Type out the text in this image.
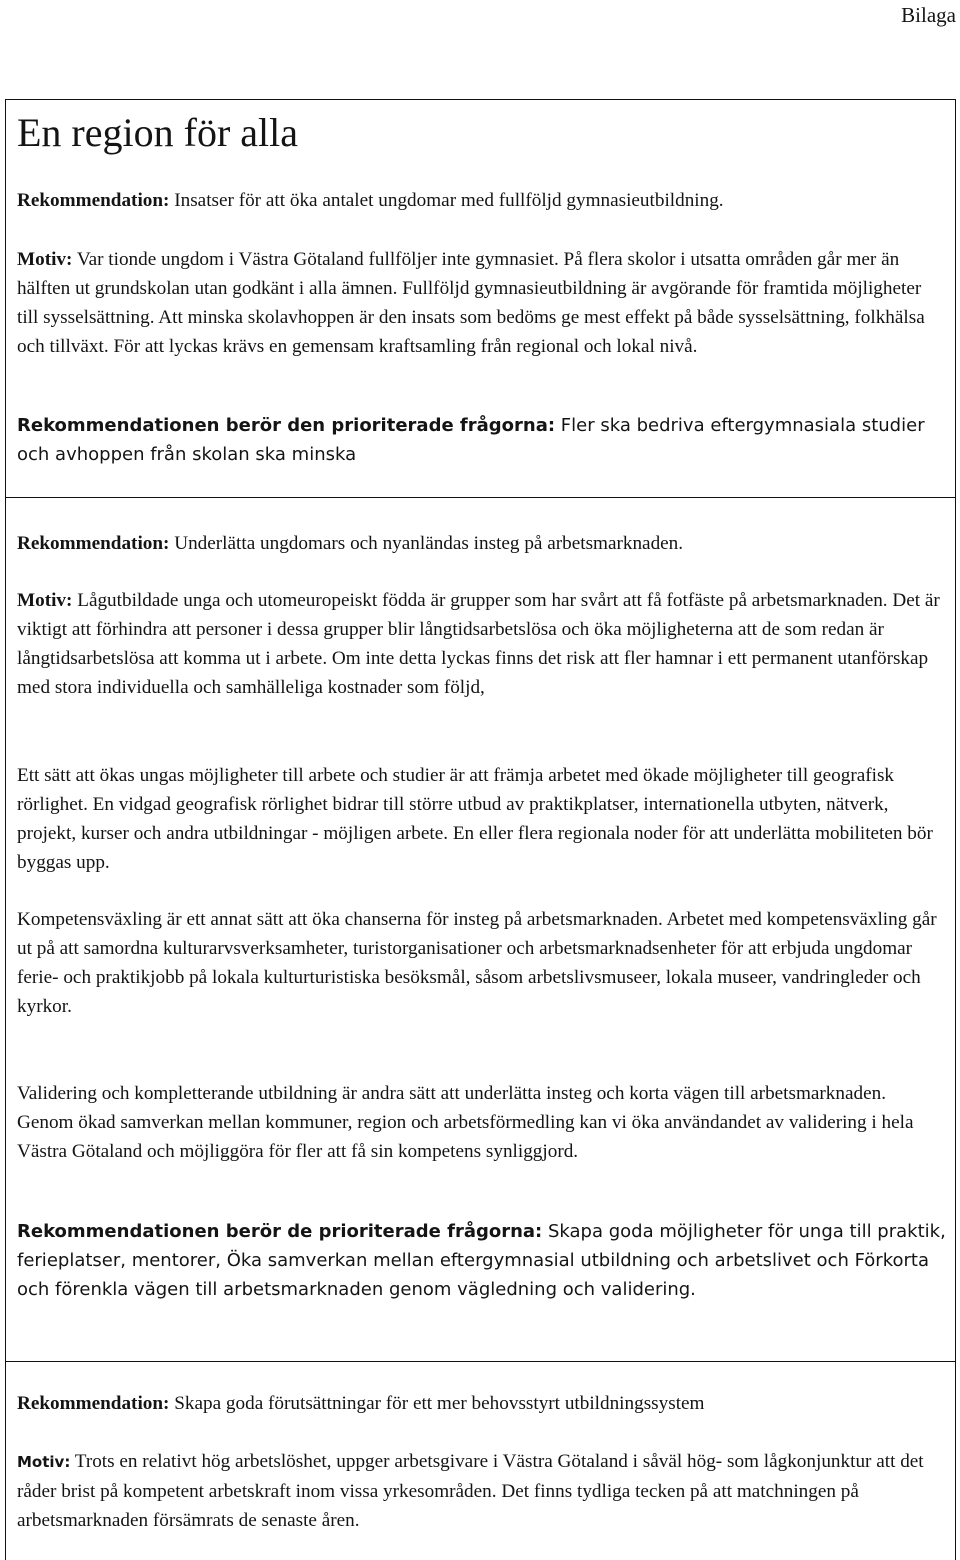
Bilaga
En region för alla

Rekommendation: Insatser för att öka antalet ungdomar med fullföljd gymnasieutbildning.

Motiv: Var tionde ungdom i Västra Götaland fullföljer inte gymnasiet. På flera skolor i utsatta områden går mer än hälften ut grundskolan utan godkänt i alla ämnen. Fullföljd gymnasieutbildning är avgörande för framtida möjligheter till sysselsättning. Att minska skolavhoppen är den insats som bedöms ge mest effekt på både sysselsättning, folkhälsa och tillväxt. För att lyckas krävs en gemensam kraftsamling från regional och lokal nivå.

Rekommendationen berör den prioriterade frågorna: Fler ska bedriva eftergymnasiala studier och avhoppen från skolan ska minska

Rekommendation: Underlätta ungdomars och nyanländas insteg på arbetsmarknaden.

Motiv: Lågutbildade unga och utomeuropeiskt födda är grupper som har svårt att få fotfäste på arbetsmarknaden. Det är viktigt att förhindra att personer i dessa grupper blir långtidsarbetslösa och öka möjligheterna att de som redan är långtidsarbetslösa att komma ut i arbete. Om inte detta lyckas finns det risk att fler hamnar i ett permanent utanförskap med stora individuella och samhälleliga kostnader som följd,

Ett sätt att ökas ungas möjligheter till arbete och studier är att främja arbetet med ökade möjligheter till geografisk rörlighet. En vidgad geografisk rörlighet bidrar till större utbud av praktikplatser, internationella utbyten, nätverk, projekt, kurser och andra utbildningar - möjligen arbete. En eller flera regionala noder för att underlätta mobiliteten bör byggas upp.

Kompetensväxling är ett annat sätt att öka chanserna för insteg på arbetsmarknaden. Arbetet med kompetensväxling går ut på att samordna kulturarvsverksamheter, turistorganisationer och arbetsmarknadsenheter för att erbjuda ungdomar ferie- och praktikjobb på lokala kulturturistiska besöksmål, såsom arbetslivsmuseer, lokala museer, vandringleder och kyrkor.

Validering och kompletterande utbildning är andra sätt att underlätta insteg och korta vägen till arbetsmarknaden. Genom ökad samverkan mellan kommuner, region och arbetsförmedling kan vi öka användandet av validering i hela Västra Götaland och möjliggöra för fler att få sin kompetens synliggjord.

Rekommendationen berör de prioriterade frågorna: Skapa goda möjligheter för unga till praktik, ferieplatser, mentorer, Öka samverkan mellan eftergymnasial utbildning och arbetslivet och Förkorta och förenkla vägen till arbetsmarknaden genom vägledning och validering.

Rekommendation: Skapa goda förutsättningar för ett mer behovsstyrt utbildningssystem

Motiv: Trots en relativt hög arbetslöshet, uppger arbetsgivare i Västra Götaland i såväl hög- som lågkonjunktur att det råder brist på kompetent arbetskraft inom vissa yrkesområden. Det finns tydliga tecken på att matchningen på arbetsmarknaden försämrats de senaste åren.
